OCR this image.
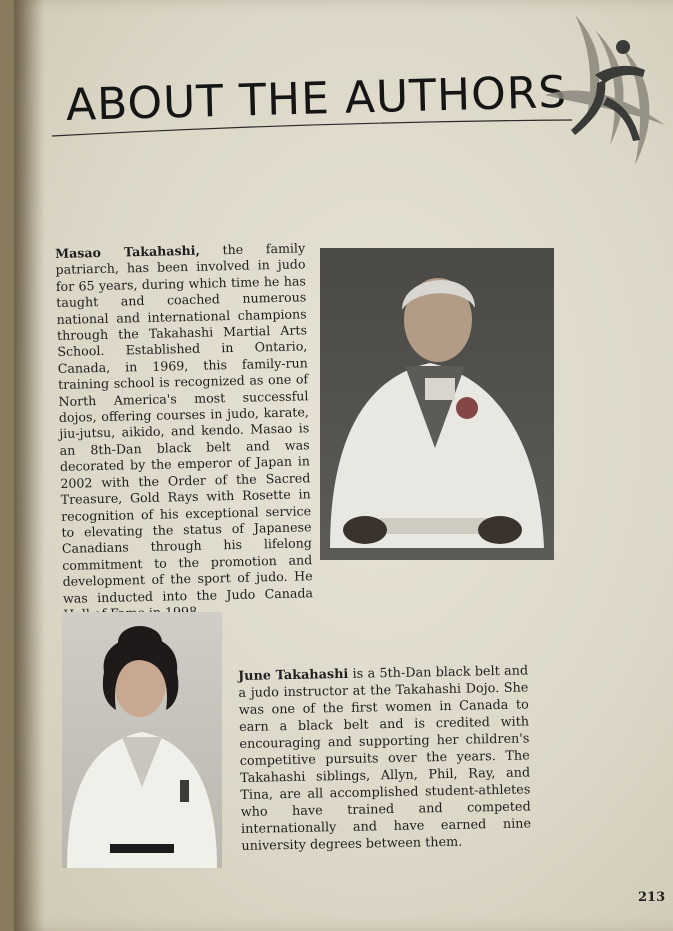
ABOUT THE AUTHORS

Masao Takahashi, the family patriarch, has been involved in judo for 65 years, during which time he has taught and coached numerous national and international champions through the Takahashi Martial Arts School. Established in Ontario, Canada, in 1969, this family-run training school is recognized as one of North America's most successful dojos, offering courses in judo, karate, jiu-jutsu, aikido, and kendo. Masao is an 8th-Dan black belt and was decorated by the emperor of Japan in 2002 with the Order of the Sacred Treasure, Gold Rays with Rosette in recognition of his exceptional service to elevating the status of Japanese Canadians through his lifelong commitment to the promotion and development of the sport of judo. He was inducted into the Judo Canada

June Takahashi is a 5th-Dan black belt and a judo instructor at the Takahashi Dojo. She was one of the first women in Canada to earn a black belt and is credited with encouraging and supporting her children's competitive pursuits over the years. The Takahashi siblings, Allyn, Phil, Ray, and Tina, are all accomplished student-athletes who have trained and competed internationally and have earned nine university degrees between them.

213
